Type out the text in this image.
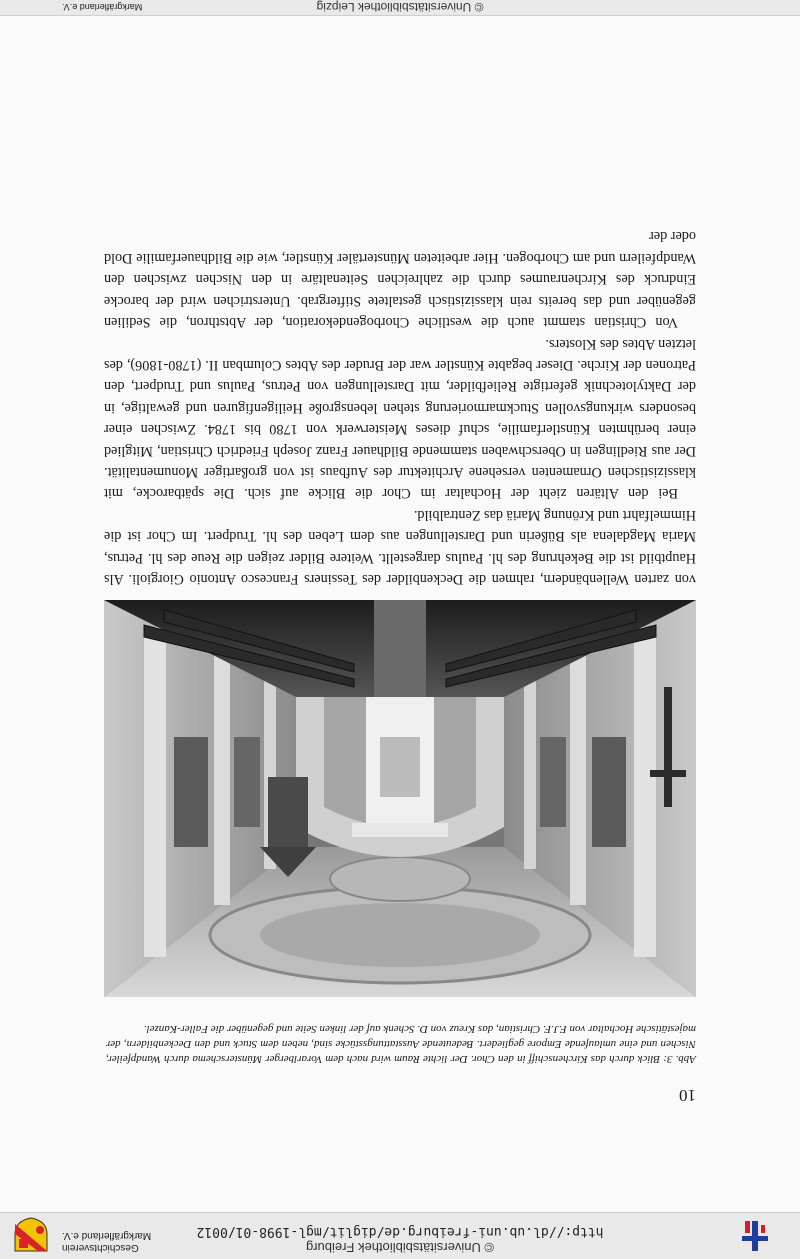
© Universitätsbibliothek Freiburg
http://dl.ub.uni-freiburg.de/diglit/mgl-1998-01/0012
Geschichtsverein
Markgräflerland e.V.
10
Abb. 3: Blick durch das Kirchenschiff in den Chor. Der lichte Raum wird nach dem Vorarlberger Münsterschema durch Wandpfeiler, Nischen und eine umlaufende Empore gegliedert. Bedeutende Ausstattungsstücke sind, neben dem Stuck und den Deckenbildern, der majestätische Hochaltar von F.J.F. Christian, das Kreuz von D. Schenk auf der linken Seite und gegenüber die Faller-Kanzel.

von zarten Wellenbändern, rahmen die Deckenbilder des Tessiners Francesco Antonio Giorgioli. Als Hauptbild ist die Bekehrung des hl. Paulus dargestellt. Weitere Bilder zeigen die Reue des hl. Petrus, Maria Magdalena als Büßerin und Darstellungen aus dem Leben des hl. Trudpert. Im Chor ist die Himmelfahrt und Krönung Mariä das Zentralbild.

Bei den Altären zieht der Hochaltar im Chor die Blicke auf sich. Die spätbarocke, mit klassizistischen Ornamenten versehene Architektur des Aufbaus ist von großartiger Monumentalität. Der aus Riedlingen in Oberschwaben stammende Bildhauer Franz Joseph Friedrich Christian, Mitglied einer berühmten Künstlerfamilie, schuf dieses Meisterwerk von 1780 bis 1784. Zwischen einer besonders wirkungsvollen Stuckmarmorierung stehen lebensgroße Heiligenfiguren und gewaltige, in der Daktylotechnik gefertigte Reliefbilder, mit Darstellungen von Petrus, Paulus und Trudpert, den Patronen der Kirche. Dieser begabte Künstler war der Bruder des Abtes Columban II. (1780-1806), des letzten Abtes des Klosters.

Von Christian stammt auch die westliche Chorbogendekoration, der Abtsthron, die Sedilien gegenüber und das bereits rein klassizistisch gestaltete Stiftergrab. Unterstrichen wird der barocke Eindruck des Kirchenraumes durch die zahlreichen Seitenaltäre in den Nischen zwischen den Wandpfeilern und am Chorbogen. Hier arbeiteten Münstertäler Künstler, wie die Bildhauerfamilie Dold oder der

© Universitätsbibliothek Leipzig
Markgräflerland e.V.
